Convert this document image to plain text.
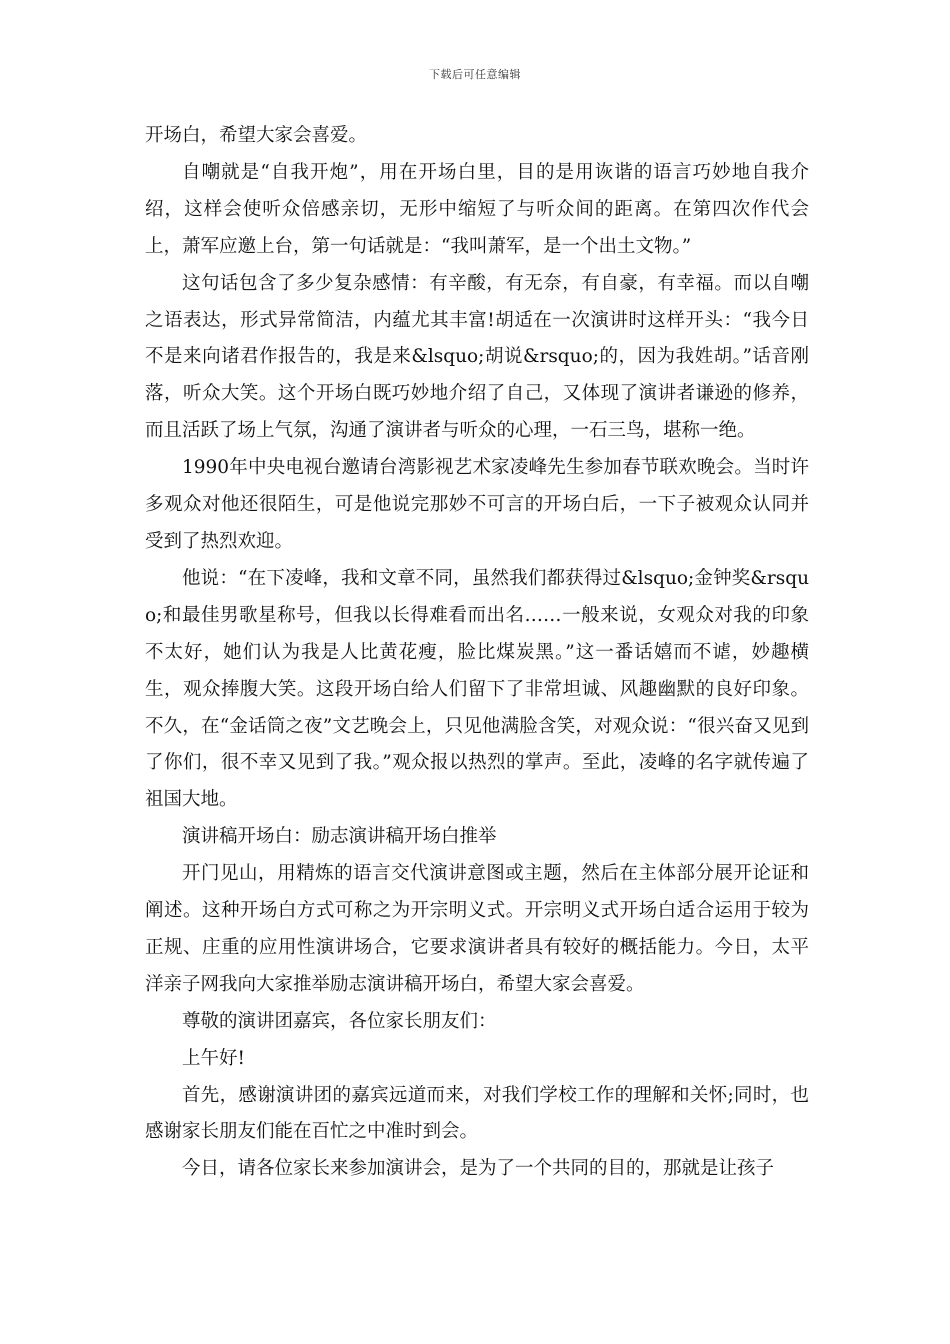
下载后可任意编辑

开场白，希望大家会喜爱。

自嘲就是“自我开炮”，用在开场白里，目的是用诙谐的语言巧妙地自我介绍，这样会使听众倍感亲切，无形中缩短了与听众间的距离。在第四次作代会上，萧军应邀上台，第一句话就是：“我叫萧军，是一个出土文物。”

这句话包含了多少复杂感情：有辛酸，有无奈，有自豪，有幸福。而以自嘲之语表达，形式异常简洁，内蕴尤其丰富!胡适在一次演讲时这样开头：“我今日不是来向诸君作报告的，我是来&lsquo;胡说&rsquo;的，因为我姓胡。”话音刚落，听众大笑。这个开场白既巧妙地介绍了自己，又体现了演讲者谦逊的修养，而且活跃了场上气氛，沟通了演讲者与听众的心理，一石三鸟，堪称一绝。

1990年中央电视台邀请台湾影视艺术家凌峰先生参加春节联欢晚会。当时许多观众对他还很陌生，可是他说完那妙不可言的开场白后，一下子被观众认同并受到了热烈欢迎。

他说：“在下凌峰，我和文章不同，虽然我们都获得过&lsquo;金钟奖&rsquo;和最佳男歌星称号，但我以长得难看而出名……一般来说，女观众对我的印象不太好，她们认为我是人比黄花瘦，脸比煤炭黑。”这一番话嬉而不谑，妙趣横生，观众捧腹大笑。这段开场白给人们留下了非常坦诚、风趣幽默的良好印象。不久，在“金话筒之夜”文艺晚会上，只见他满脸含笑，对观众说：“很兴奋又见到了你们，很不幸又见到了我。”观众报以热烈的掌声。至此，凌峰的名字就传遍了祖国大地。

演讲稿开场白：励志演讲稿开场白推举

开门见山，用精炼的语言交代演讲意图或主题，然后在主体部分展开论证和阐述。这种开场白方式可称之为开宗明义式。开宗明义式开场白适合运用于较为正规、庄重的应用性演讲场合，它要求演讲者具有较好的概括能力。今日，太平洋亲子网我向大家推举励志演讲稿开场白，希望大家会喜爱。

尊敬的演讲团嘉宾，各位家长朋友们：

上午好!

首先，感谢演讲团的嘉宾远道而来，对我们学校工作的理解和关怀;同时，也感谢家长朋友们能在百忙之中准时到会。

今日，请各位家长来参加演讲会，是为了一个共同的目的，那就是让孩子
